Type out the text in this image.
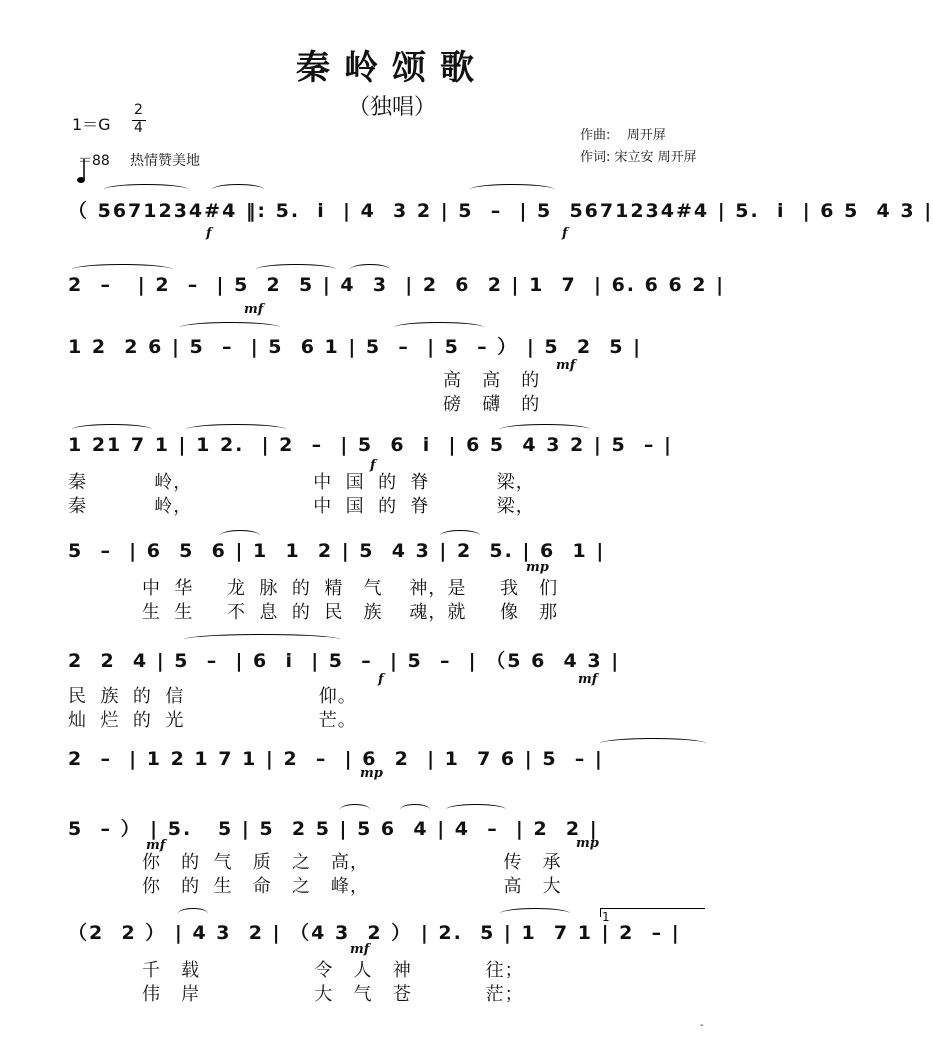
秦岭颂歌
（独唱）
1＝G
2
4

＝88 热情赞美地
作曲:    周开屏
作词: 宋立安 周开屏
（ 5671234#4 ‖: 5.  i  | 4  3 2 | 5  –  | 5  5671234#4 | 5.  i  | 6 5  4 3 |
f	f
2  –   | 2  –  | 5  2  5 | 4  3  | 2  6  2 | 1  7  | 6. 6 6 2 |
mf
1 2  2 6 | 5  –  | 5  6 1 | 5  –  | 5  – ） | 5  2  5 |
mf
高   高   的
磅   礴   的
1 21 7 1 | 1 2.  | 2  –  | 5  6  i  | 6 5  4 3 2 | 5  – |
f
秦          岭，                  中  国  的  脊          梁，
秦          岭，                  中  国  的  脊          梁，
5  –  | 6  5  6 | 1  1  2 | 5  4 3 | 2  5. | 6  1 |
mp
中  华     龙  脉  的  精   气    神，是     我   们
生  生     不  息  的  民   族    魂，就     像   那
2  2  4 | 5  –  | 6  i  | 5  –  | 5  –  | （5 6  4 3 |
f	mf
民  族  的  信                    仰。
灿  烂  的  光                    芒。
2  –  | 1 2 1 7 1 | 2  –  | 6  2  | 1  7 6 | 5  – |
mp
5  – ） | 5.   5 | 5  2 5 | 5 6  4 | 4  –  | 2  2 |
mf	mp
你   的  气   质   之   高，                    传   承
你   的  生   命   之   峰，                    高   大
（2  2 ） | 4 3  2 | （4 3  2 ） | 2.  5 | 1  7 1 | 2  – |
mf
1
千   载                 令   人   神           往；
伟   岸                 大   气   苍           茫；
-
